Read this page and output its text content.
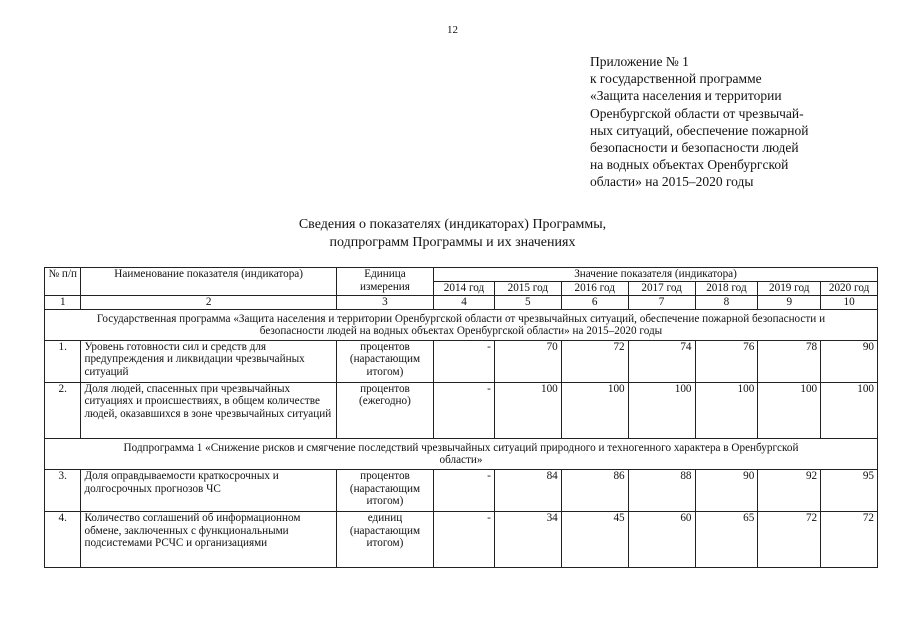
12
Приложение № 1
к государственной программе
«Защита населения и территории
Оренбургской области от чрезвычай-
ных ситуаций, обеспечение пожарной
безопасности и безопасности людей
на водных объектах Оренбургской
области» на 2015–2020 годы
Сведения о показателях (индикаторах) Программы,
подпрограмм Программы и их значениях
№ п/п	Наименование показателя (индикатора)	Единица измерения	Значение показателя (индикатора)						
			2014 год	2015 год	2016 год	2017 год	2018 год	2019 год	2020 год
1	2	3	4	5	6	7	8	9	10
Государственная программа «Защита населения и территории Оренбургской области от чрезвычайных ситуаций, обеспечение пожарной безопасности и безопасности людей на водных объектах Оренбургской области» на 2015–2020 годы									
1.	Уровень готовности сил и средств для предупреждения и ликвидации чрезвычайных ситуаций	процентов (нарастающим итогом)	-	70	72	74	76	78	90
2.	Доля людей, спасенных при чрезвычайных ситуациях и происшествиях, в общем количестве людей, оказавшихся в зоне чрезвычайных ситуаций	процентов (ежегодно)	-	100	100	100	100	100	100
Подпрограмма 1 «Снижение рисков и смягчение последствий чрезвычайных ситуаций природного и техногенного характера в Оренбургской области»									
3.	Доля оправдываемости краткосрочных и долгосрочных прогнозов ЧС	процентов (нарастающим итогом)	-	84	86	88	90	92	95
4.	Количество соглашений об информационном обмене, заключенных с функциональными подсистемами РСЧС и организациями	единиц (нарастающим итогом)	-	34	45	60	65	72	72
